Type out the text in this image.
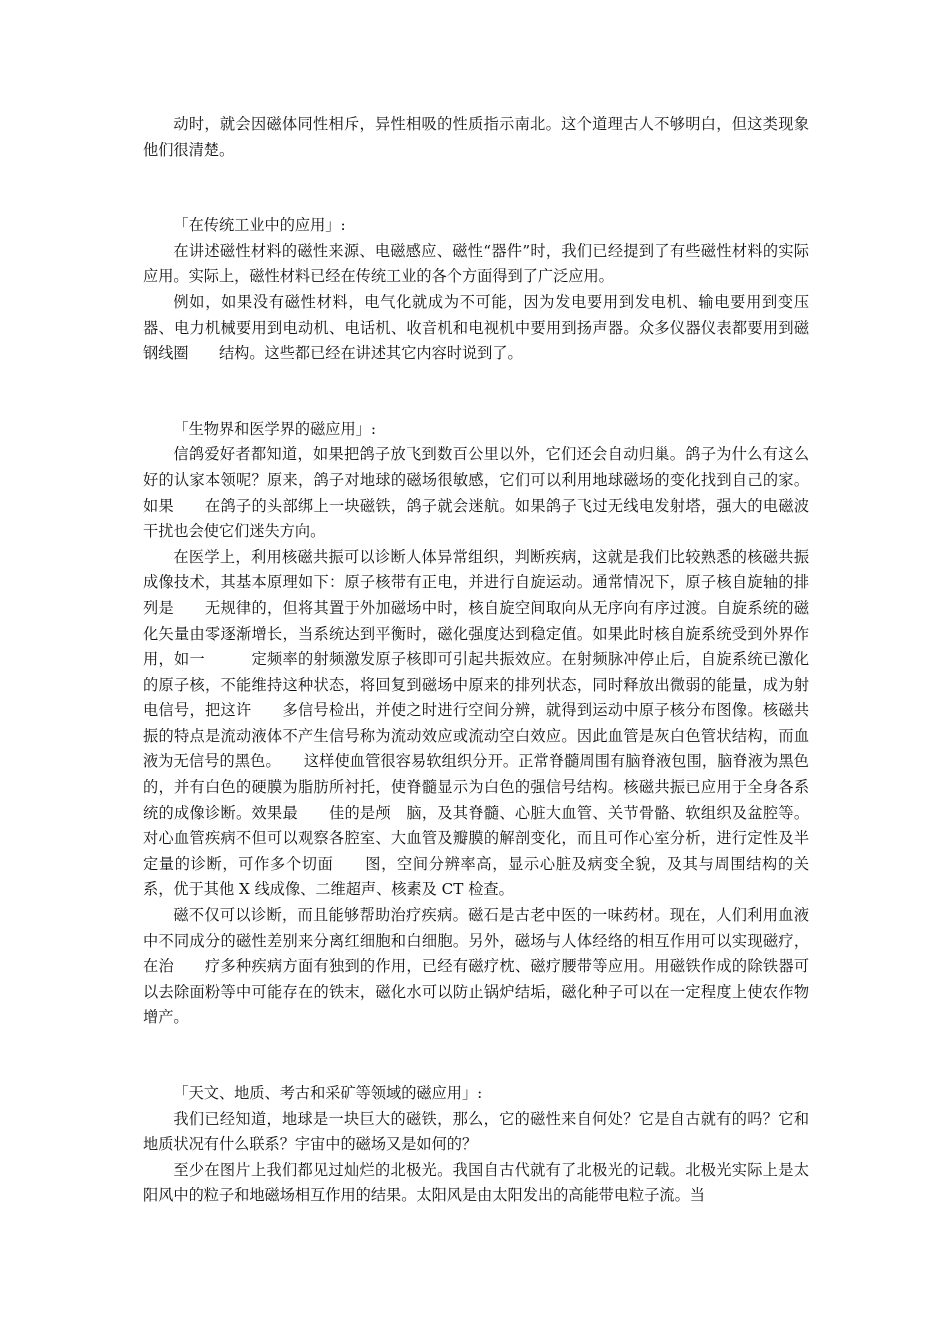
动时，就会因磁体同性相斥，异性相吸的性质指示南北。这个道理古人不够明白，但这类现象他们很清楚。

「在传统工业中的应用」:

在讲述磁性材料的磁性来源、电磁感应、磁性“器件”时，我们已经提到了有些磁性材料的实际应用。实际上，磁性材料已经在传统工业的各个方面得到了广泛应用。

例如，如果没有磁性材料，电气化就成为不可能，因为发电要用到发电机、输电要用到变压器、电力机械要用到电动机、电话机、收音机和电视机中要用到扬声器。众多仪器仪表都要用到磁钢线圈　　结构。这些都已经在讲述其它内容时说到了。

「生物界和医学界的磁应用」:

信鸽爱好者都知道，如果把鸽子放飞到数百公里以外，它们还会自动归巢。鸽子为什么有这么好的认家本领呢？原来，鸽子对地球的磁场很敏感，它们可以利用地球磁场的变化找到自己的家。如果　　在鸽子的头部绑上一块磁铁，鸽子就会迷航。如果鸽子飞过无线电发射塔，强大的电磁波干扰也会使它们迷失方向。

在医学上，利用核磁共振可以诊断人体异常组织，判断疾病，这就是我们比较熟悉的核磁共振成像技术，其基本原理如下：原子核带有正电，并进行自旋运动。通常情况下，原子核自旋轴的排列是　　无规律的，但将其置于外加磁场中时，核自旋空间取向从无序向有序过渡。自旋系统的磁化矢量由零逐渐增长，当系统达到平衡时，磁化强度达到稳定值。如果此时核自旋系统受到外界作用，如一　　　定频率的射频激发原子核即可引起共振效应。在射频脉冲停止后，自旋系统已激化的原子核，不能维持这种状态，将回复到磁场中原来的排列状态，同时释放出微弱的能量，成为射电信号，把这许　　多信号检出，并使之时进行空间分辨，就得到运动中原子核分布图像。核磁共振的特点是流动液体不产生信号称为流动效应或流动空白效应。因此血管是灰白色管状结构，而血液为无信号的黑色。　　这样使血管很容易软组织分开。正常脊髓周围有脑脊液包围，脑脊液为黑色的，并有白色的硬膜为脂肪所衬托，使脊髓显示为白色的强信号结构。核磁共振已应用于全身各系统的成像诊断。效果最　　佳的是颅　脑，及其脊髓、心脏大血管、关节骨骼、软组织及盆腔等。对心血管疾病不但可以观察各腔室、大血管及瓣膜的解剖变化，而且可作心室分析，进行定性及半定量的诊断，可作多个切面　　图，空间分辨率高，显示心脏及病变全貌，及其与周围结构的关系，优于其他 X 线成像、二维超声、核素及 CT 检查。

磁不仅可以诊断，而且能够帮助治疗疾病。磁石是古老中医的一味药材。现在，人们利用血液中不同成分的磁性差别来分离红细胞和白细胞。另外，磁场与人体经络的相互作用可以实现磁疗，在治　　疗多种疾病方面有独到的作用，已经有磁疗枕、磁疗腰带等应用。用磁铁作成的除铁器可以去除面粉等中可能存在的铁末，磁化水可以防止锅炉结垢，磁化种子可以在一定程度上使农作物增产。

「天文、地质、考古和采矿等领域的磁应用」:

我们已经知道，地球是一块巨大的磁铁，那么，它的磁性来自何处？它是自古就有的吗？它和地质状况有什么联系？宇宙中的磁场又是如何的？

至少在图片上我们都见过灿烂的北极光。我国自古代就有了北极光的记载。北极光实际上是太阳风中的粒子和地磁场相互作用的结果。太阳风是由太阳发出的高能带电粒子流。当
